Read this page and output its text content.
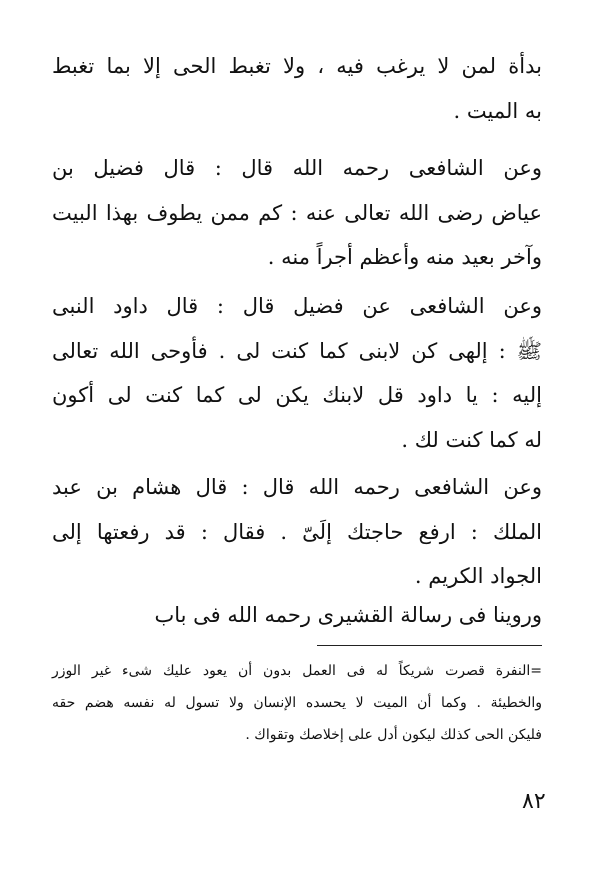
بدأة لمن لا يرغب فيه ، ولا تغبط الحى إلا بما تغبط
به الميت .

وعن الشافعى رحمه الله قال : قال فضيل بن
عياض رضى الله تعالى عنه : كم ممن يطوف بهذا البيت
وآخر بعيد منه وأعظم أجراً منه .

وعن الشافعى عن فضيل قال : قال داود النبى
ﷺ : إلهى كن لابنى كما كنت لى . فأوحى الله تعالى
إليه : يا داود قل لابنك يكن لى كما كنت لى أكون
له كما كنت لك .

وعن الشافعى رحمه الله قال : قال هشام بن عبد
الملك : ارفع حاجتك إلَىّ . فقال : قد رفعتها إلى
الجواد الكريم .

وروينا فى رسالة القشيرى رحمه الله فى باب

=النفرة قصرت شريكاً له فى العمل بدون أن يعود عليك شىء غير الوزر
والخطيئة . وكما أن الميت لا يحسده الإنسان ولا تسول له نفسه هضم حقه
فليكن الحى كذلك ليكون أدل على إخلاصك وتقواك .
٨٢
